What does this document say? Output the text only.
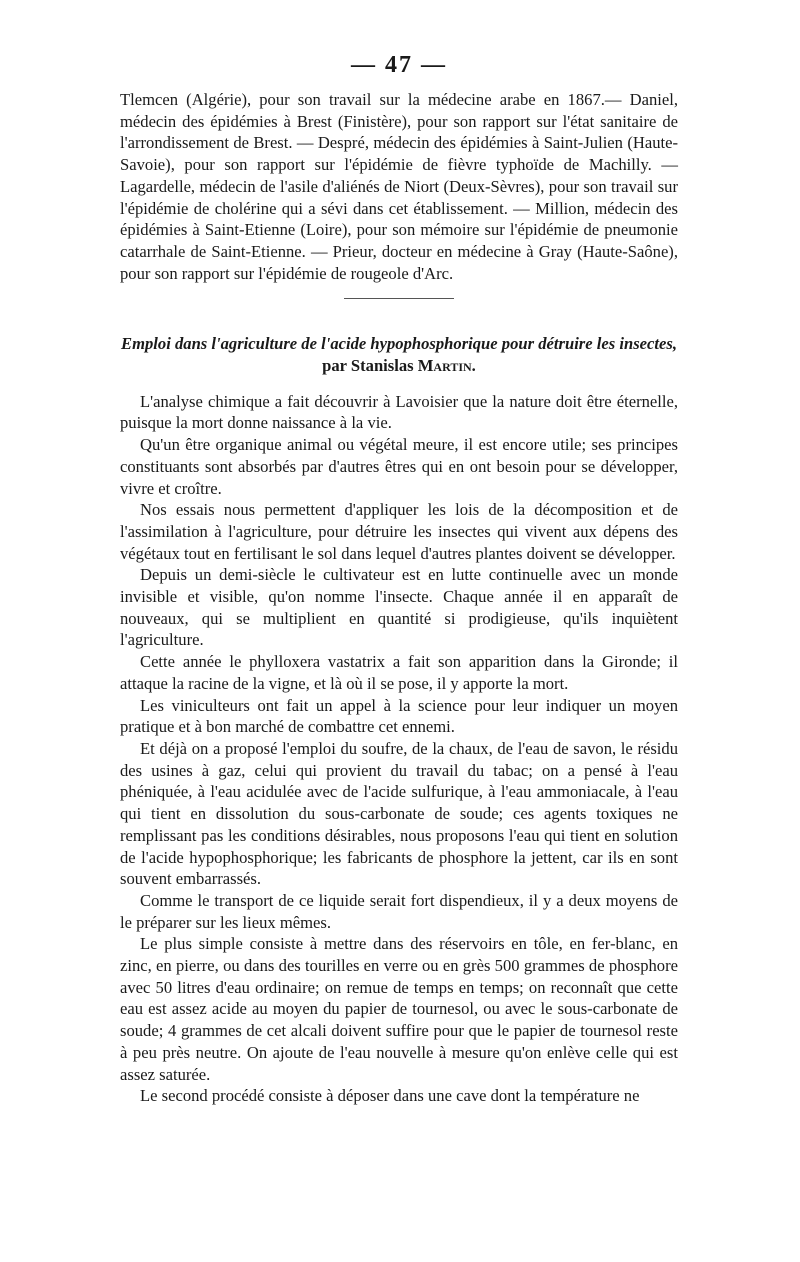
— 47 —

Tlemcen (Algérie), pour son travail sur la médecine arabe en 1867.— Daniel, médecin des épidémies à Brest (Finistère), pour son rapport sur l'état sanitaire de l'arrondissement de Brest. — Despré, médecin des épidémies à Saint-Julien (Haute-Savoie), pour son rapport sur l'épidémie de fièvre typhoïde de Machilly. — Lagardelle, médecin de l'asile d'aliénés de Niort (Deux-Sèvres), pour son travail sur l'épidémie de cholérine qui a sévi dans cet établissement. — Million, médecin des épidémies à Saint-Etienne (Loire), pour son mémoire sur l'épidémie de pneumonie catarrhale de Saint-Etienne. — Prieur, docteur en médecine à Gray (Haute-Saône), pour son rapport sur l'épidémie de rougeole d'Arc.

Emploi dans l'agriculture de l'acide hypophosphorique pour détruire les insectes, par Stanislas Martin.

L'analyse chimique a fait découvrir à Lavoisier que la nature doit être éternelle, puisque la mort donne naissance à la vie.

Qu'un être organique animal ou végétal meure, il est encore utile; ses principes constituants sont absorbés par d'autres êtres qui en ont besoin pour se développer, vivre et croître.

Nos essais nous permettent d'appliquer les lois de la décomposition et de l'assimilation à l'agriculture, pour détruire les insectes qui vivent aux dépens des végétaux tout en fertilisant le sol dans lequel d'autres plantes doivent se développer.

Depuis un demi-siècle le cultivateur est en lutte continuelle avec un monde invisible et visible, qu'on nomme l'insecte. Chaque année il en apparaît de nouveaux, qui se multiplient en quantité si prodigieuse, qu'ils inquiètent l'agriculture.

Cette année le phylloxera vastatrix a fait son apparition dans la Gironde; il attaque la racine de la vigne, et là où il se pose, il y apporte la mort.

Les viniculteurs ont fait un appel à la science pour leur indiquer un moyen pratique et à bon marché de combattre cet ennemi.

Et déjà on a proposé l'emploi du soufre, de la chaux, de l'eau de savon, le résidu des usines à gaz, celui qui provient du travail du tabac; on a pensé à l'eau phéniquée, à l'eau acidulée avec de l'acide sulfurique, à l'eau ammoniacale, à l'eau qui tient en dissolution du sous-carbonate de soude; ces agents toxiques ne remplissant pas les conditions désirables, nous proposons l'eau qui tient en solution de l'acide hypophosphorique; les fabricants de phosphore la jettent, car ils en sont souvent embarrassés.

Comme le transport de ce liquide serait fort dispendieux, il y a deux moyens de le préparer sur les lieux mêmes.

Le plus simple consiste à mettre dans des réservoirs en tôle, en fer-blanc, en zinc, en pierre, ou dans des tourilles en verre ou en grès 500 grammes de phosphore avec 50 litres d'eau ordinaire; on remue de temps en temps; on reconnaît que cette eau est assez acide au moyen du papier de tournesol, ou avec le sous-carbonate de soude; 4 grammes de cet alcali doivent suffire pour que le papier de tournesol reste à peu près neutre. On ajoute de l'eau nouvelle à mesure qu'on enlève celle qui est assez saturée.

Le second procédé consiste à déposer dans une cave dont la température ne
